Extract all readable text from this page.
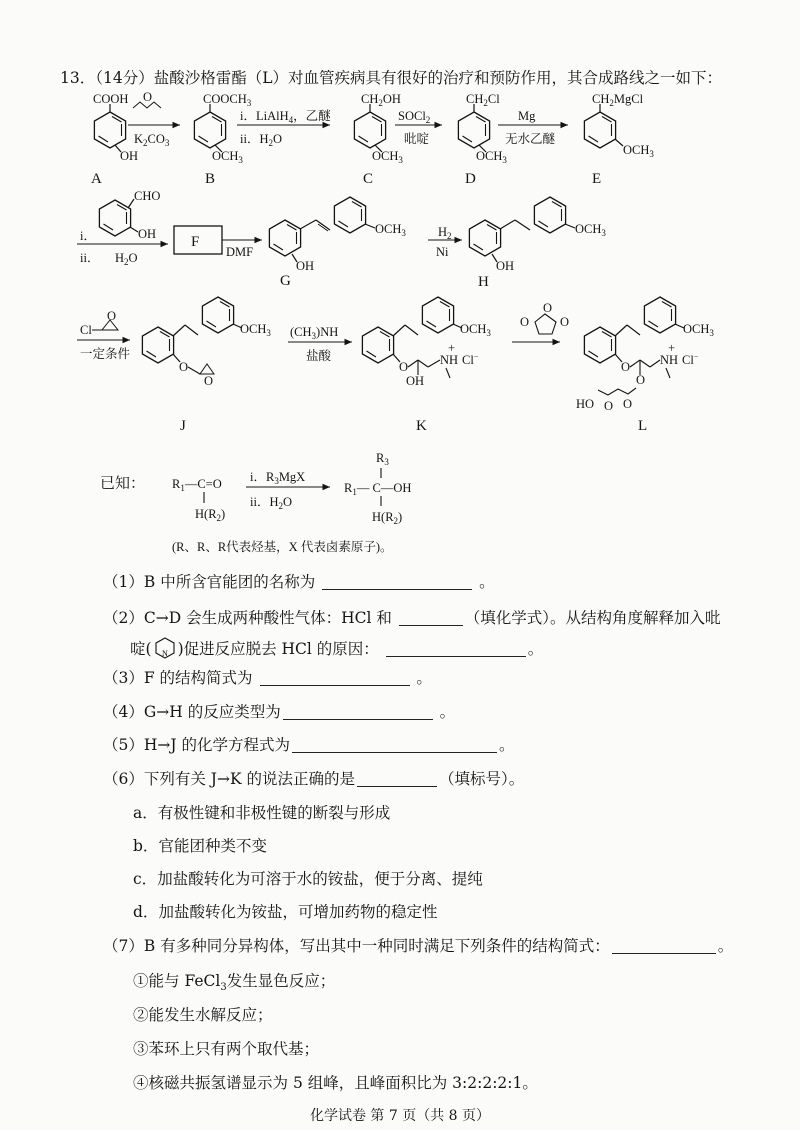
13．（14分）盐酸沙格雷酯（L）对血管疾病具有很好的治疗和预防作用，其合成路线之一如下：
COOH
OH
A
O
$K_2CO_3$
$COOCH_3$
$OCH_3$
B
i．LiAlH$_4$，乙醚
ii．$H_2O$
$CH_2OH$
$OCH_3$
C
SOCl$_2$
吡啶
$CH_2Cl$
$OCH_3$
D
Mg
无水乙醚
$CH_2MgCl$
$OCH_3$
E
CHO
OH
i．
ii． $H_2O$
F
DMF
$OCH_3$
OH
G
$H_2$
Ni
$OCH_3$
OH
H
Cl
O
一定条件
$OCH_3$
O
O
J
$(CH_3)NH$
盐酸
$OCH_3$
O
OH
NH
+
Cl−
K
O
O
O	$OCH_3$
O
O
NH
+
Cl−
O
HO O
L
已知： $R_1—C=O$
$H(R_2)$
i．$R_3MgX$
ii．$H_2O$
$R_3$
$R_1—$ C—OH
$H(R_2)$
(R、R、R代表烃基，X 代表卤素原子)。
（1）B 中所含官能团的名称为	。
（2）C→D 会生成两种酸性气体：HCl 和	（填化学式）。从结构角度解释加入吡
啶( N )促进反应脱去 HCl 的原因：	。
（3）F 的结构简式为	。
（4）G→H 的反应类型为	。
（5）H→J 的化学方程式为	。
（6）下列有关 J→K 的说法正确的是	（填标号）。
a．有极性键和非极性键的断裂与形成
b．官能团种类不变
c．加盐酸转化为可溶于水的铵盐，便于分离、提纯
d．加盐酸转化为铵盐，可增加药物的稳定性
（7）B 有多种同分异构体，写出其中一种同时满足下列条件的结构简式：	。
①能与 FeCl$_3$发生显色反应；
②能发生水解反应；
③苯环上只有两个取代基；
④核磁共振氢谱显示为 5 组峰，且峰面积比为 3:2:2:2:1。
化学试卷 第 7 页（共 8 页）
